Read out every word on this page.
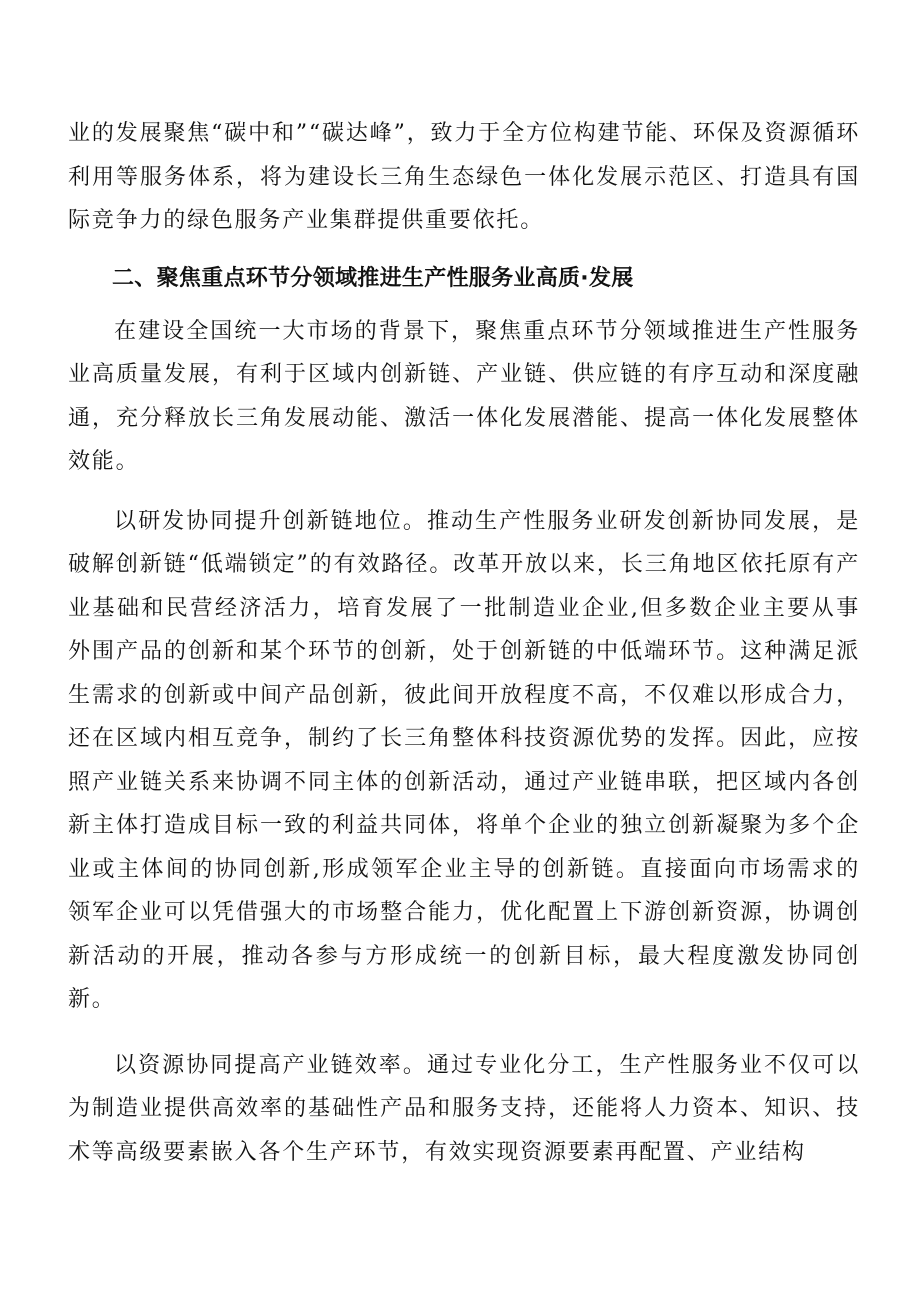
业的发展聚焦“碳中和”“碳达峰”，致力于全方位构建节能、环保及资源循环利用等服务体系，将为建设长三角生态绿色一体化发展示范区、打造具有国际竞争力的绿色服务产业集群提供重要依托。

二、聚焦重点环节分领域推进生产性服务业高质·发展

在建设全国统一大市场的背景下，聚焦重点环节分领域推进生产性服务业高质量发展，有利于区域内创新链、产业链、供应链的有序互动和深度融通，充分释放长三角发展动能、激活一体化发展潜能、提高一体化发展整体效能。

以研发协同提升创新链地位。推动生产性服务业研发创新协同发展，是破解创新链“低端锁定”的有效路径。改革开放以来，长三角地区依托原有产业基础和民营经济活力，培育发展了一批制造业企业,但多数企业主要从事外围产品的创新和某个环节的创新，处于创新链的中低端环节。这种满足派生需求的创新或中间产品创新，彼此间开放程度不高，不仅难以形成合力，还在区域内相互竞争，制约了长三角整体科技资源优势的发挥。因此，应按照产业链关系来协调不同主体的创新活动，通过产业链串联，把区域内各创新主体打造成目标一致的利益共同体，将单个企业的独立创新凝聚为多个企业或主体间的协同创新,形成领军企业主导的创新链。直接面向市场需求的领军企业可以凭借强大的市场整合能力，优化配置上下游创新资源，协调创新活动的开展，推动各参与方形成统一的创新目标，最大程度激发协同创新。

以资源协同提高产业链效率。通过专业化分工，生产性服务业不仅可以为制造业提供高效率的基础性产品和服务支持，还能将人力资本、知识、技术等高级要素嵌入各个生产环节，有效实现资源要素再配置、产业结构
